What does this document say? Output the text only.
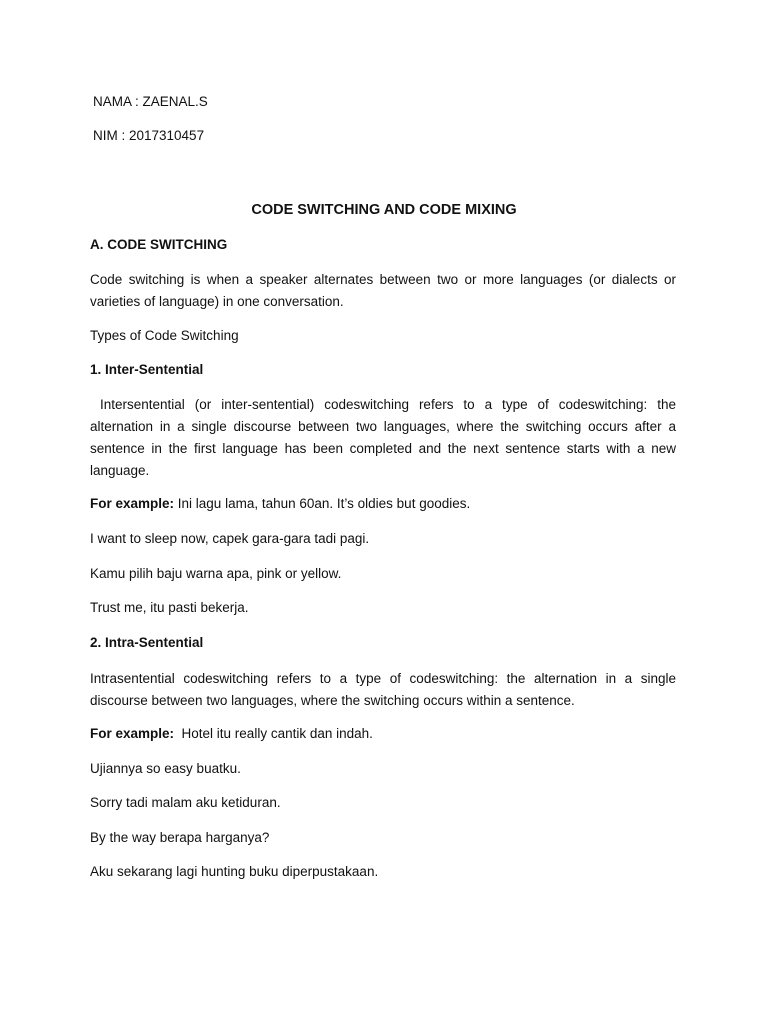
NAMA : ZAENAL.S
NIM : 2017310457
CODE SWITCHING AND CODE MIXING
A. CODE SWITCHING
Code switching is when a speaker alternates between two or more languages (or dialects or varieties of language) in one conversation.
Types of Code Switching
1. Inter-Sentential
Intersentential (or inter-sentential) codeswitching refers to a type of codeswitching: the alternation in a single discourse between two languages, where the switching occurs after a sentence in the first language has been completed and the next sentence starts with a new language.
For example: Ini lagu lama, tahun 60an. It’s oldies but goodies.
I want to sleep now, capek gara-gara tadi pagi.
Kamu pilih baju warna apa, pink or yellow.
Trust me, itu pasti bekerja.
2. Intra-Sentential
Intrasentential codeswitching refers to a type of codeswitching: the alternation in a single discourse between two languages, where the switching occurs within a sentence.
For example:  Hotel itu really cantik dan indah.
Ujiannya so easy buatku.
Sorry tadi malam aku ketiduran.
By the way berapa harganya?
Aku sekarang lagi hunting buku diperpustakaan.
